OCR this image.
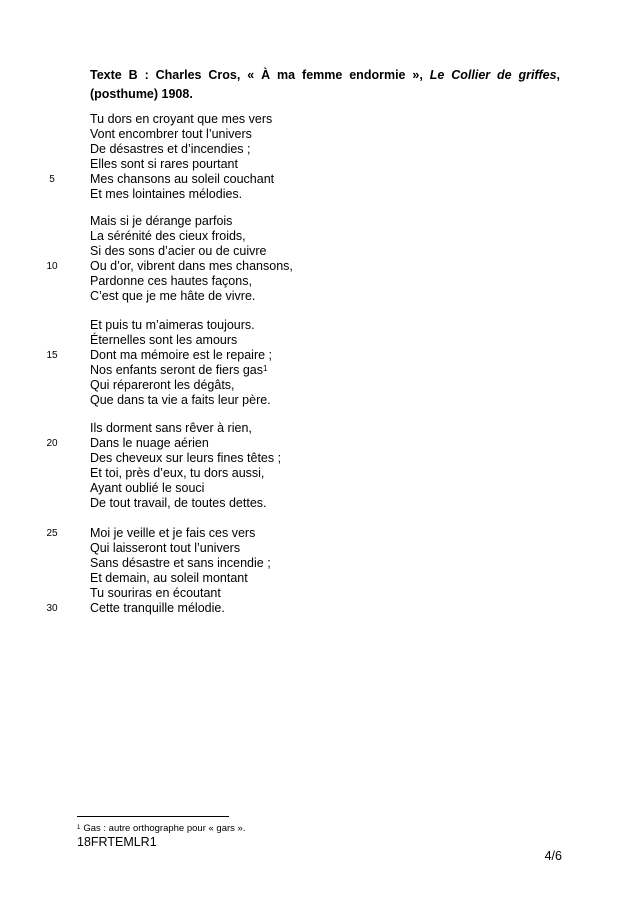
Texte B : Charles Cros, « À ma femme endormie », Le Collier de griffes,
(posthume) 1908.
Tu dors en croyant que mes vers
Vont encombrer tout l’univers
De désastres et d’incendies ;
Elles sont si rares pourtant
Mes chansons au soleil couchant
Et mes lointaines mélodies.
Mais si je dérange parfois
La sérénité des cieux froids,
Si des sons d’acier ou de cuivre
Ou d’or, vibrent dans mes chansons,
Pardonne ces hautes façons,
C’est que je me hâte de vivre.
Et puis tu m’aimeras toujours.
Éternelles sont les amours
Dont ma mémoire est le repaire ;
Nos enfants seront de fiers gas$^1$
Qui répareront les dégâts,
Que dans ta vie a faits leur père.
Ils dorment sans rêver à rien,
Dans le nuage aérien
Des cheveux sur leurs fines têtes ;
Et toi, près d’eux, tu dors aussi,
Ayant oublié le souci
De tout travail, de toutes dettes.
Moi je veille et je fais ces vers
Qui laisseront tout l’univers
Sans désastre et sans incendie ;
Et demain, au soleil montant
Tu souriras en écoutant
Cette tranquille mélodie.
5
10
15
20
25
30
$^1$ Gas : autre orthographe pour « gars ».
18FRTEMLR1
4/6
